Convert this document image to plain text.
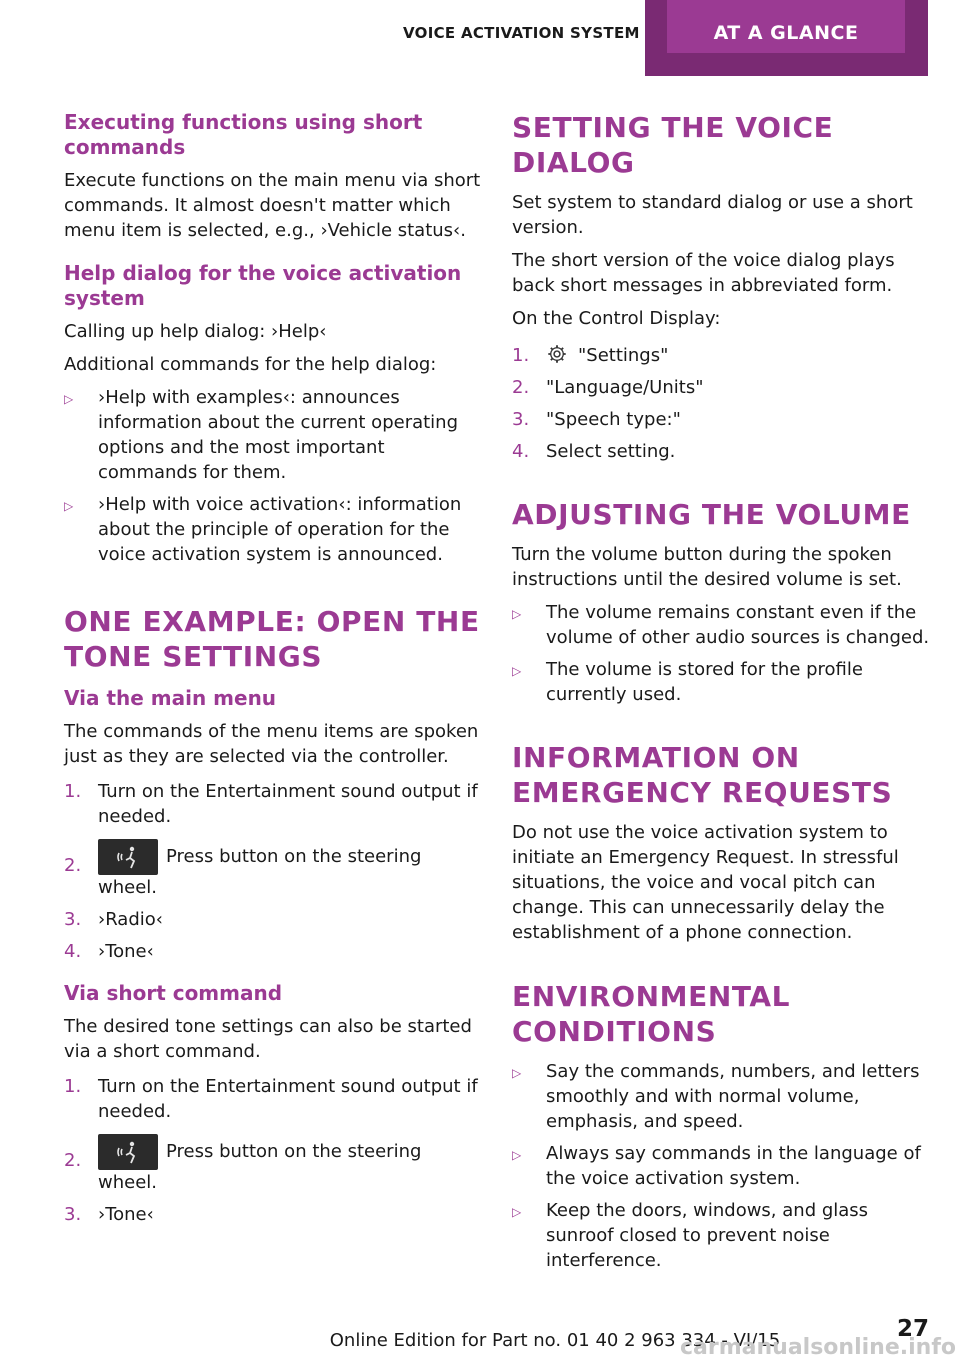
VOICE ACTIVATION SYSTEM	AT A GLANCE
Executing functions using short commands

Execute functions on the main menu via short commands. It almost doesn't matter which menu item is selected, e.g., ›Vehicle status‹.

Help dialog for the voice activation system

Calling up help dialog: ›Help‹

Additional commands for the help dialog:

▷ ›Help with examples‹: announces information about the current operating options and the most important commands for them.
▷ ›Help with voice activation‹: information about the principle of operation for the voice activation system is announced.
ONE EXAMPLE: OPEN THE TONE SETTINGS
Via the main menu

The commands of the menu items are spoken just as they are selected via the controller.

1. Turn on the Entertainment sound output if needed.
2.	Press button on the steering wheel.
3. ›Radio‹
4. ›Tone‹
Via short command

The desired tone settings can also be started via a short command.

1. Turn on the Entertainment sound output if needed.
2.	Press button on the steering wheel.
3. ›Tone‹
SETTING THE VOICE DIALOG

Set system to standard dialog or use a short version.

The short version of the voice dialog plays back short messages in abbreviated form.

On the Control Display:

1.	"Settings"
2. "Language/Units"
3. "Speech type:"
4. Select setting.
ADJUSTING THE VOLUME

Turn the volume button during the spoken instructions until the desired volume is set.

▷ The volume remains constant even if the volume of other audio sources is changed.
▷ The volume is stored for the profile currently used.
INFORMATION ON EMERGENCY REQUESTS

Do not use the voice activation system to initiate an Emergency Request. In stressful situations, the voice and vocal pitch can change. This can unnecessarily delay the establishment of a phone connection.

ENVIRONMENTAL CONDITIONS
▷ Say the commands, numbers, and letters smoothly and with normal volume, emphasis, and speed.
▷ Always say commands in the language of the voice activation system.
▷ Keep the doors, windows, and glass sunroof closed to prevent noise interference.
Online Edition for Part no. 01 40 2 963 334 - VI/15	27
carmanualsonline.info
